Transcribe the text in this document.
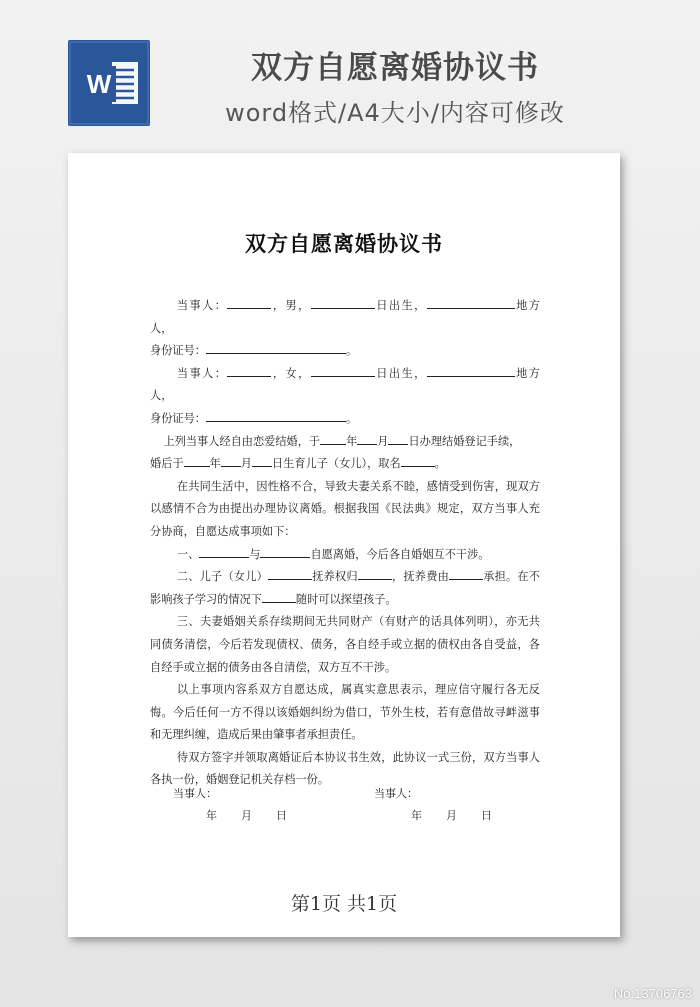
W	双方自愿离婚协议书
word格式/A4大小/内容可修改
双方自愿离婚协议书

当事人：	，男，	日出生，	地方人，

身份证号：	。

当事人：	，女，	日出生，	地方人，

身份证号：	。

上列当事人经自由恋爱结婚，于 年 月 日办理结婚登记手续，

婚后于 年 月 日生育儿子（女儿），取名	。

在共同生活中，因性格不合，导致夫妻关系不睦，感情受到伤害，现双方以感情不合为由提出办理协议离婚。根据我国《民法典》规定，双方当事人充分协商，自愿达成事项如下：

一、	与	自愿离婚，今后各自婚姻互不干涉。

二、儿子（女儿）	抚养权归	，抚养费由	承担。在不影响孩子学习的情况下	随时可以探望孩子。

三、夫妻婚姻关系存续期间无共同财产（有财产的话具体列明），亦无共同债务清偿，今后若发现债权、债务，各自经手或立据的债权由各自受益，各自经手或立据的债务由各自清偿，双方互不干涉。

以上事项内容系双方自愿达成，属真实意思表示，理应信守履行各无反悔。今后任何一方不得以该婚姻纠纷为借口，节外生枝，若有意借故寻衅滋事和无理纠缠，造成后果由肇事者承担责任。

待双方签字并领取离婚证后本协议书生效，此协议一式三份，双方当事人各执一份，婚姻登记机关存档一份。

当事人：	当事人：
年 月 日	年 月 日
第1页 共1页
No:13706763
